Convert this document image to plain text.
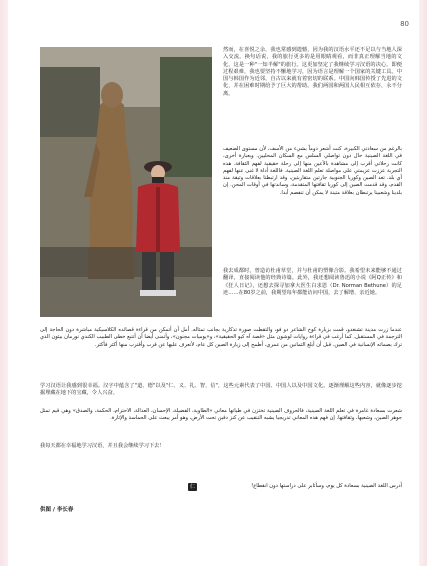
80

然而，在喜悦之余，我也常感到遗憾，因为我的汉语水平还不足以与当地人深入交流。换句话说，我的旅行更多的是用眼睛观看，而非真正理解当地的文化，这是一种"一知半解"的旅行。这更加坚定了我继续学习汉语的决心。即便过程艰难，我也要坚持不懈地学习，因为语言是理解一个国家的关键工具。中国与韩国作为近邻，自古以来就有着密切的联系。中国向韩国传授了先进的文化，并在困难时期给予了巨大的帮助。我们两国和两国人民相互依存，永不分离。

بالرغم من سعادتي الكبيرة، كنت أشعر دوماً بشيء من الأسف، لأن مستوى الضعيف في اللغة الصينية حال دون تواصلي السلس مع السكان المحليين. وبعبارة أخرى، كانت رحلاتي أقرب إلى مشاهدة بالأعين منها إلى رحلة حقيقية لفهم الثقافة. هذه التجربة عززت عزيمتي على مواصلة تعلم اللغة الصينية. فاللغة أداة لا غنى عنها لفهم أي بلد. تعد الصين وكوريا الجنوبية جارتين متقاربتين، وقد ارتبطتا بعلاقات وثيقة منذ القدم، وقد قدمت الصين إلى كوريا ثقافتها المتقدمة، وساندتها في أوقات المحن. إن بلدينا وشعبينا يرتبطان بعلاقة متينة لا يمكن أن تنفصم أبدا.

我去成都时，曾造访杜甫草堂，并与杜甫的塑像合影。我希望未来能够不通过翻译，直接阅读他的经典诗篇。此外，我还想阅读鲁迅的小说《阿Q正传》和《狂人日记》，还想去探寻加拿大医生白求恩（Dr. Norman Bethune）的足迹……在80岁之前，我期望每年都能访问中国，去了解增、亲近她。

عندما زرت مدينة تشنغدو، قمت بزيارة كوخ الشاعر دو فو، والتقطت صورة تذكارية بجانب تمثاله. أمل أن أتمكن من قراءة قصائده الكلاسيكية مباشرة دون الحاجة إلى الترجمة في المستقبل. كما أرغب في قراءة روايات لوشون مثل «قصة آه كيو الحقيقية»، و«يوميات مجنون»، وأتمنى أيضا أن أتتبع خطى الطبيب الكندي نورمان بيثون الذي ترك بصماته الإنسانية في الصين. قبل أن أبلغ الثمانين من عمري، أطمح إلى زيارة الصين كل عام، لأتعرف عليها عن قرب وأقترب منها أكثر فأكثر.

学习汉语让我感到很幸福。汉字中蕴含了"道、德"以及"仁、义、礼、智、信"，这些元素代表了中国、中国人以及中国文化。逐渐理解这些内容，就像逐步挖掘埋藏在地下的宝藏，令人兴奋。

شعرت بسعادة غامرة في تعلم اللغة الصينية، فالحروف الصينية تختزن في طياتها معاني «الطاوية، الفضيلة، الإحسان، العدالة، الاحترام، الحكمة، والصدق» وهي قيم تمثل جوهر الصين، وشعبها، وثقافتها. إن فهم هذه المعاني تدريجيا يشبه التنقيب عن كنز دفين تحت الأرض، وهو أمر يبعث على الحماسة والإثارة.

我每天都在幸福地学习汉语，并且我会继续学习下去！

أدرس اللغة الصينية بسعادة كل يوم، وسأثابر على دراستها دون انقطاع!

仁
供图 / 李长春
